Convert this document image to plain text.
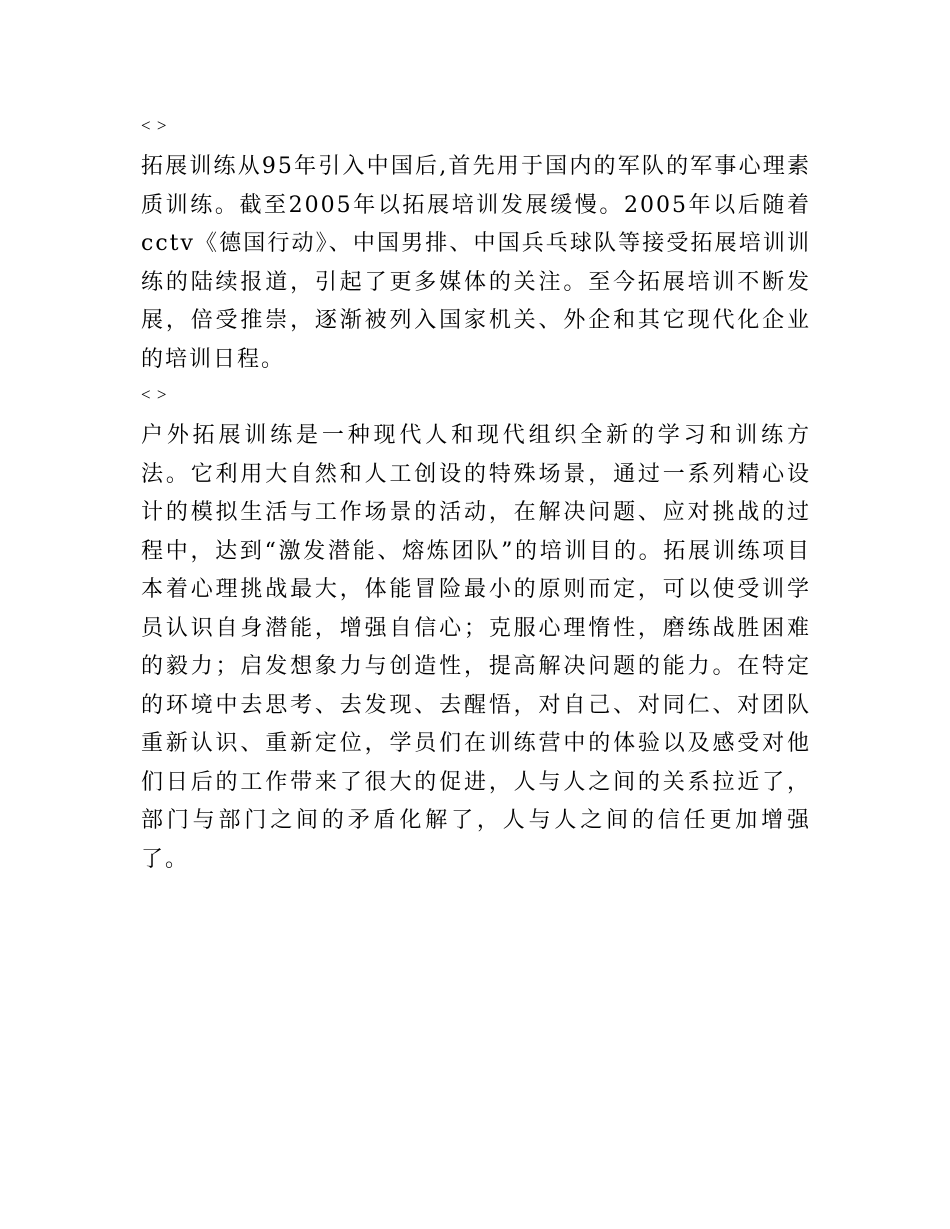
< >

拓展训练从95年引入中国后,首先用于国内的军队的军事心理素质训练。截至2005年以拓展培训发展缓慢。2005年以后随着cctv《德国行动》、中国男排、中国兵乓球队等接受拓展培训训练的陆续报道，引起了更多媒体的关注。至今拓展培训不断发展，倍受推崇，逐渐被列入国家机关、外企和其它现代化企业的培训日程。

< >

户外拓展训练是一种现代人和现代组织全新的学习和训练方法。它利用大自然和人工创设的特殊场景，通过一系列精心设计的模拟生活与工作场景的活动，在解决问题、应对挑战的过程中，达到“激发潜能、熔炼团队”的培训目的。拓展训练项目本着心理挑战最大，体能冒险最小的原则而定，可以使受训学员认识自身潜能，增强自信心；克服心理惰性，磨练战胜困难的毅力；启发想象力与创造性，提高解决问题的能力。在特定的环境中去思考、去发现、去醒悟，对自己、对同仁、对团队重新认识、重新定位，学员们在训练营中的体验以及感受对他们日后的工作带来了很大的促进，人与人之间的关系拉近了，部门与部门之间的矛盾化解了，人与人之间的信任更加增强了。
